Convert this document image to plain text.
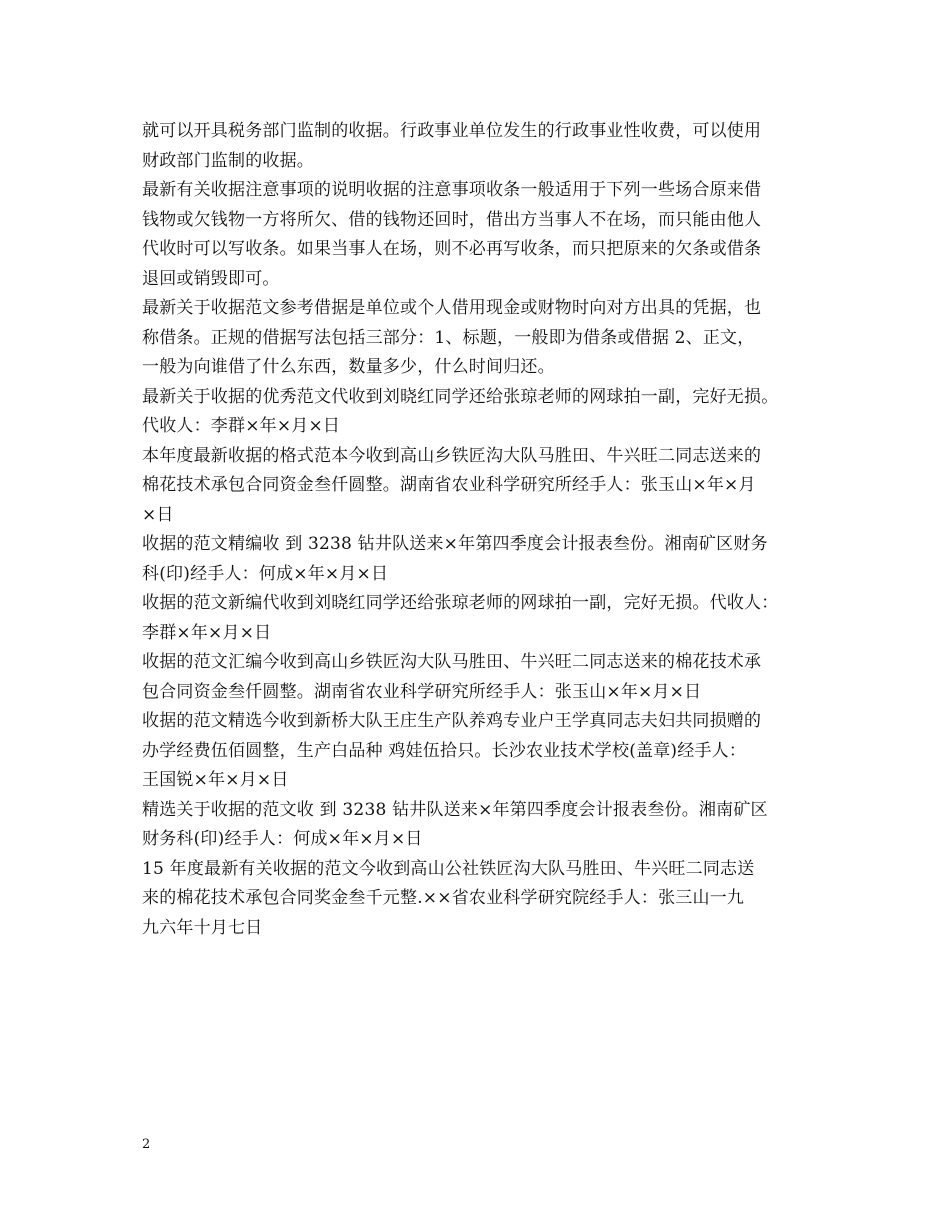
就可以开具税务部门监制的收据。行政事业单位发生的行政事业性收费，可以使用
财政部门监制的收据。
最新有关收据注意事项的说明收据的注意事项收条一般适用于下列一些场合原来借
钱物或欠钱物一方将所欠、借的钱物还回时，借出方当事人不在场，而只能由他人
代收时可以写收条。如果当事人在场，则不必再写收条，而只把原来的欠条或借条
退回或销毁即可。
最新关于收据范文参考借据是单位或个人借用现金或财物时向对方出具的凭据，也
称借条。正规的借据写法包括三部分：1、标题，一般即为借条或借据 2、正文，
一般为向谁借了什么东西，数量多少，什么时间归还。
最新关于收据的优秀范文代收到刘晓红同学还给张琼老师的网球拍一副，完好无损。
代收人：李群×年×月×日
本年度最新收据的格式范本今收到高山乡铁匠沟大队马胜田、牛兴旺二同志送来的
棉花技术承包合同资金叁仟圆整。湖南省农业科学研究所经手人：张玉山×年×月
×日
收据的范文精编收 到 3238 钻井队送来×年第四季度会计报表叁份。湘南矿区财务
科(印)经手人：何成×年×月×日
收据的范文新编代收到刘晓红同学还给张琼老师的网球拍一副，完好无损。代收人：
李群×年×月×日
收据的范文汇编今收到高山乡铁匠沟大队马胜田、牛兴旺二同志送来的棉花技术承
包合同资金叁仟圆整。湖南省农业科学研究所经手人：张玉山×年×月×日
收据的范文精选今收到新桥大队王庄生产队养鸡专业户王学真同志夫妇共同损赠的
办学经费伍佰圆整，生产白品种 鸡娃伍拾只。长沙农业技术学校(盖章)经手人：
王国锐×年×月×日
精选关于收据的范文收 到 3238 钻井队送来×年第四季度会计报表叁份。湘南矿区
财务科(印)经手人：何成×年×月×日
15 年度最新有关收据的范文今收到高山公社铁匠沟大队马胜田、牛兴旺二同志送
来的棉花技术承包合同奖金叁千元整.××省农业科学研究院经手人：张三山一九
九六年十月七日
2
